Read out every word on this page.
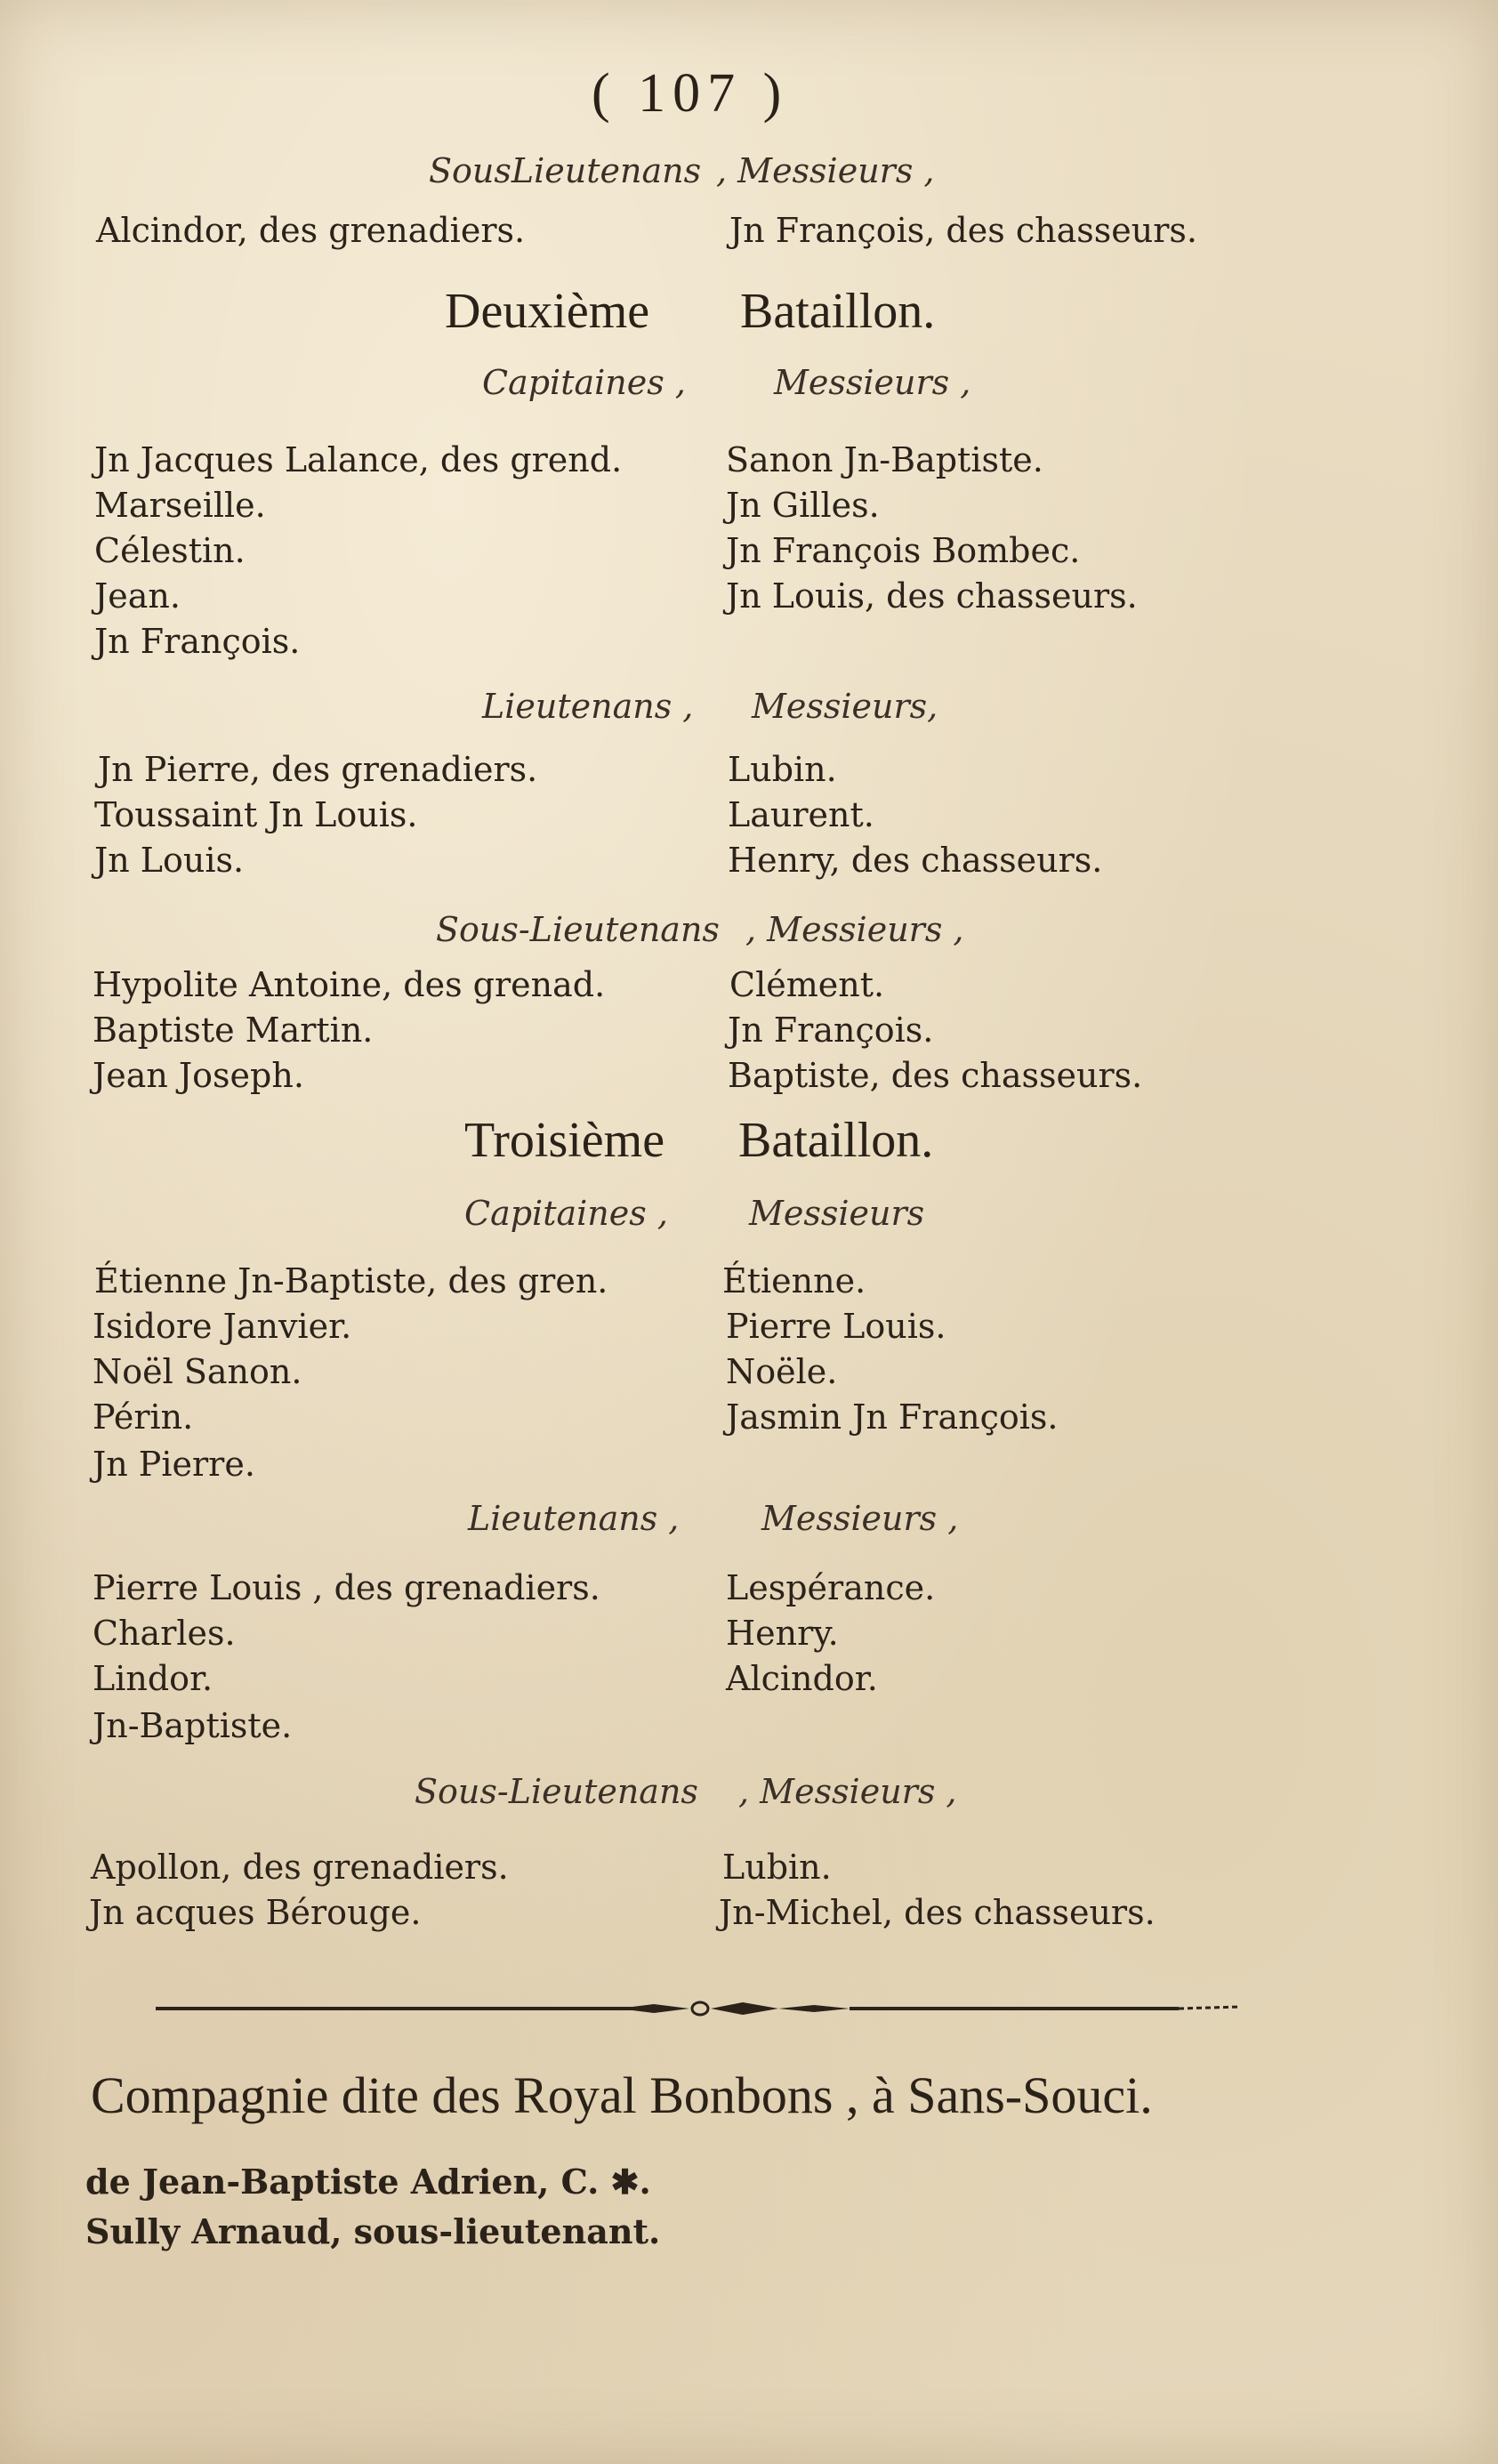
( 107 )
SousLieutenans , Messieurs ,
Alcindor, des grenadiers.	Jn François, des chasseurs.
Deuxième Bataillon.
Capitaines ,	Messieurs ,
Jn Jacques Lalance, des grend.
Marseille.
Célestin.
Jean.
Jn François.
Sanon Jn-Baptiste.
Jn Gilles.
Jn François Bombec.
Jn Louis, des chasseurs.
Lieutenans , Messieurs,
Jn Pierre, des grenadiers.
Toussaint Jn Louis.
Jn Louis.
Lubin.
Laurent.
Henry, des chasseurs.
Sous-Lieutenans , Messieurs ,
Hypolite Antoine, des grenad.
Baptiste Martin.
Jean Joseph.
Clément.
Jn François.
Baptiste, des chasseurs.
Troisième Bataillon.
Capitaines , Messieurs
Étienne Jn-Baptiste, des gren.
Isidore Janvier.
Noël Sanon.
Périn.
Jn Pierre.
Étienne.
Pierre Louis.
Noële.
Jasmin Jn François.
Lieutenans , Messieurs ,
Pierre Louis , des grenadiers.
Charles.
Lindor.
Jn-Baptiste.
Lespérance.
Henry.
Alcindor.
Sous-Lieutenans , Messieurs ,
Apollon, des grenadiers.
Jn acques Bérouge.
Lubin.
Jn-Michel, des chasseurs.
Compagnie dite des Royal Bonbons , à Sans-Souci.
de Jean-Baptiste Adrien, C. ✱.
Sully Arnaud, sous-lieutenant.
